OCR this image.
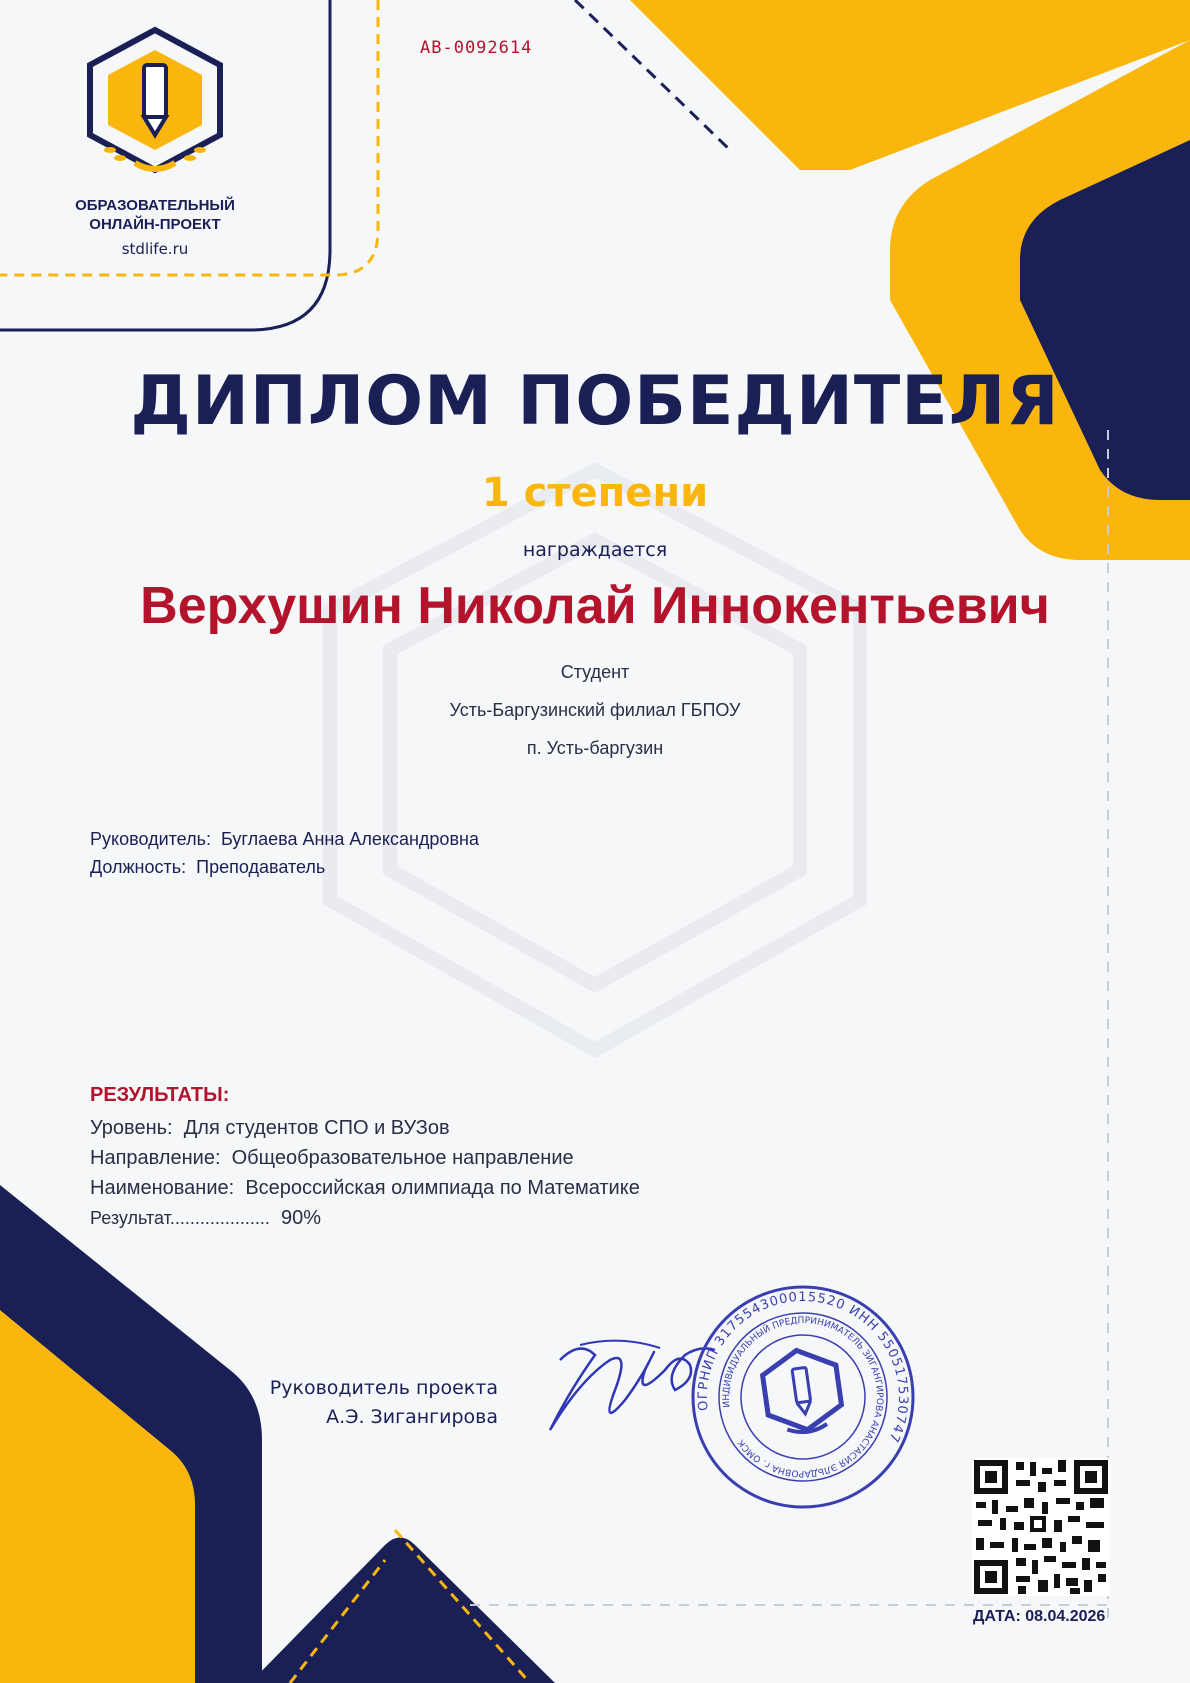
ОБРАЗОВАТЕЛЬНЫЙ
ОНЛАЙН-ПРОЕКТ
stdlife.ru
АВ-0092614
ДИПЛОМ ПОБЕДИТЕЛЯ
1 степени
награждается
Верхушин Николай Иннокентьевич
Студент
Усть-Баргузинский филиал ГБПОУ
п. Усть-баргузин
Руководитель: Буглаева Анна Александровна
Должность: Преподаватель
РЕЗУЛЬТАТЫ:
Уровень: Для студентов СПО и ВУЗов
Направление: Общеобразовательное направление
Наименование: Всероссийская олимпиада по Математике
Результат.................... 90%
Руководитель проекта
А.Э. Зигангирова
ОГРНИП 317554300015520 ИНН 550517530747
ИНДИВИДУАЛЬНЫЙ ПРЕДПРИНИМАТЕЛЬ ЗИГАНГИРОВА АНАСТАСИЯ ЭЛЬДАРОВНА г. ОМСК
ДАТА: 08.04.2026
